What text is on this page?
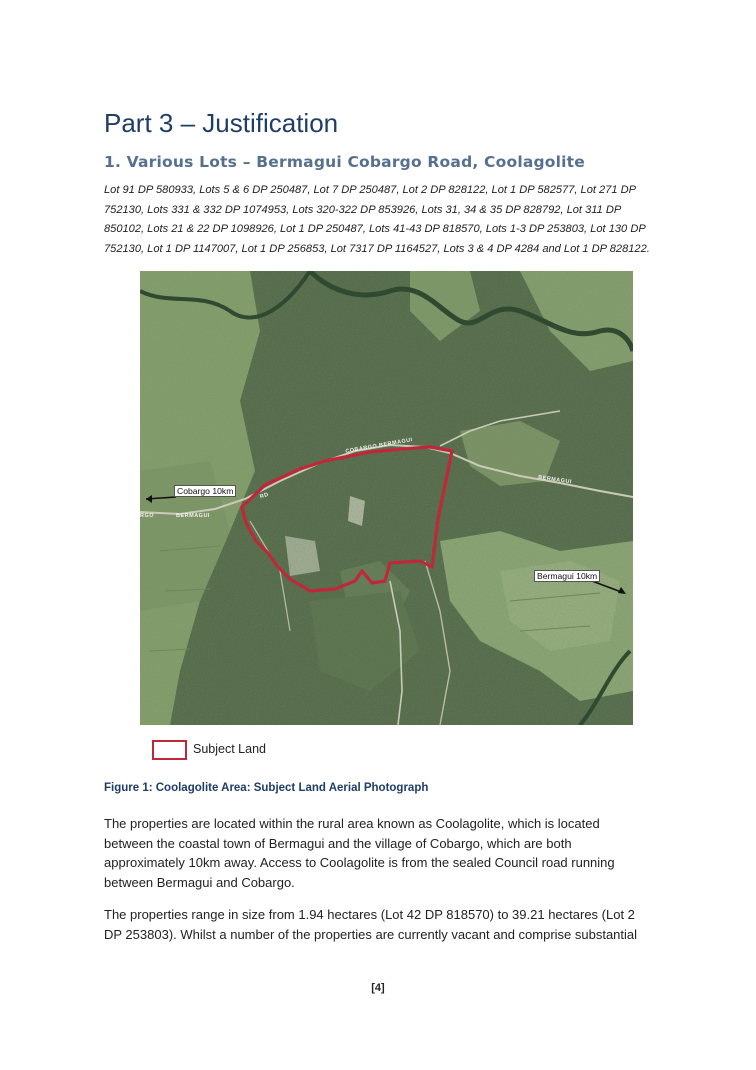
Part 3 – Justification
1. Various Lots – Bermagui Cobargo Road, Coolagolite
Lot 91 DP 580933, Lots 5 & 6 DP 250487, Lot 7 DP 250487, Lot 2 DP 828122, Lot 1 DP 582577, Lot 271 DP
752130, Lots 331 & 332 DP 1074953, Lots 320-322 DP 853926, Lots 31, 34 & 35 DP 828792, Lot 311 DP
850102, Lots 21 & 22 DP 1098926, Lot 1 DP 250487, Lots 41-43 DP 818570, Lots 1-3 DP 253803, Lot 130 DP
752130, Lot 1 DP 1147007, Lot 1 DP 256853, Lot 7317 DP 1164527, Lots 3 & 4 DP 4284 and Lot 1 DP 828122.
Cobargo 10km
Bermagui 10km
COBARGO BERMAGUI
RD
BERMAGUI
RGO
BERMAGUI
Subject Land
Figure 1: Coolagolite Area: Subject Land Aerial Photograph
The properties are located within the rural area known as Coolagolite, which is located
between the coastal town of Bermagui and the village of Cobargo, which are both
approximately 10km away. Access to Coolagolite is from the sealed Council road running
between Bermagui and Cobargo.
The properties range in size from 1.94 hectares (Lot 42 DP 818570) to 39.21 hectares (Lot 2
DP 253803). Whilst a number of the properties are currently vacant and comprise substantial
[4]
